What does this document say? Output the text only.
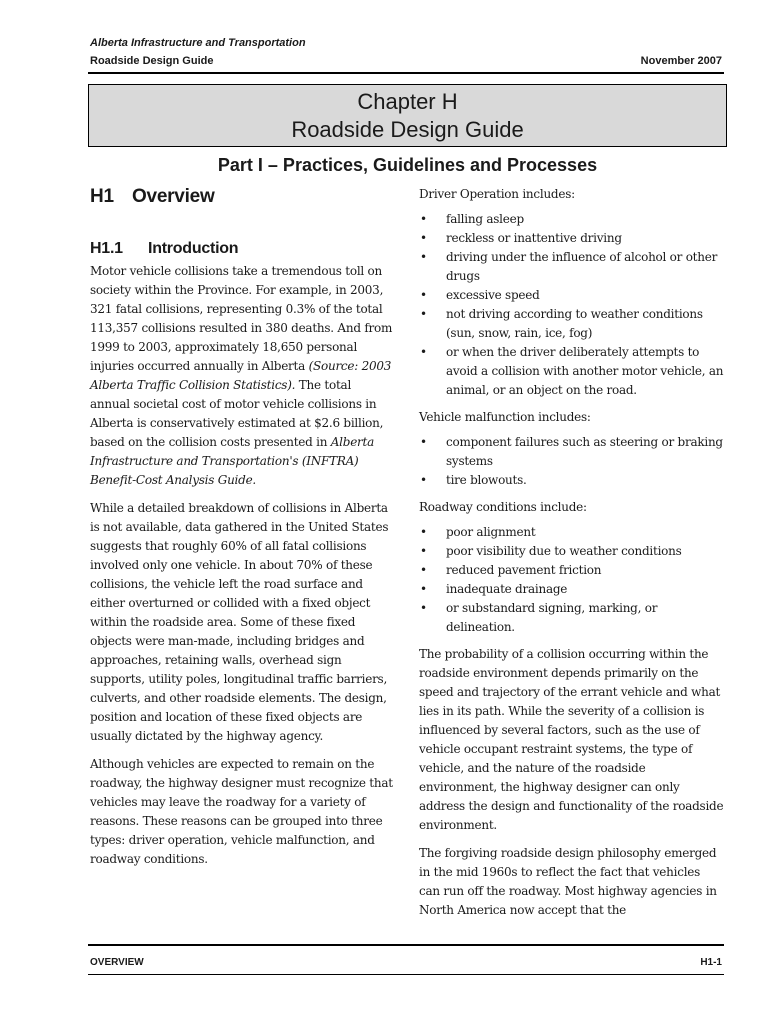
Alberta Infrastructure and Transportation
Roadside Design Guide	November 2007
Chapter H
Roadside Design Guide
Part I – Practices, Guidelines and Processes
H1 Overview
H1.1 Introduction

Motor vehicle collisions take a tremendous toll on society within the Province. For example, in 2003, 321 fatal collisions, representing 0.3% of the total 113,357 collisions resulted in 380 deaths. And from 1999 to 2003, approximately 18,650 personal injuries occurred annually in Alberta (Source: 2003 Alberta Traffic Collision Statistics). The total annual societal cost of motor vehicle collisions in Alberta is conservatively estimated at $2.6 billion, based on the collision costs presented in Alberta Infrastructure and Transportation's (INFTRA) Benefit-Cost Analysis Guide.

While a detailed breakdown of collisions in Alberta is not available, data gathered in the United States suggests that roughly 60% of all fatal collisions involved only one vehicle. In about 70% of these collisions, the vehicle left the road surface and either overturned or collided with a fixed object within the roadside area. Some of these fixed objects were man-made, including bridges and approaches, retaining walls, overhead sign supports, utility poles, longitudinal traffic barriers, culverts, and other roadside elements. The design, position and location of these fixed objects are usually dictated by the highway agency.

Although vehicles are expected to remain on the roadway, the highway designer must recognize that vehicles may leave the roadway for a variety of reasons. These reasons can be grouped into three types: driver operation, vehicle malfunction, and roadway conditions.

Driver Operation includes:

• falling asleep
• reckless or inattentive driving
• driving under the influence of alcohol or other drugs
• excessive speed
• not driving according to weather conditions (sun, snow, rain, ice, fog)
• or when the driver deliberately attempts to avoid a collision with another motor vehicle, an animal, or an object on the road.

Vehicle malfunction includes:

• component failures such as steering or braking systems
• tire blowouts.

Roadway conditions include:

• poor alignment
• poor visibility due to weather conditions
• reduced pavement friction
• inadequate drainage
• or substandard signing, marking, or delineation.

The probability of a collision occurring within the roadside environment depends primarily on the speed and trajectory of the errant vehicle and what lies in its path. While the severity of a collision is influenced by several factors, such as the use of vehicle occupant restraint systems, the type of vehicle, and the nature of the roadside environment, the highway designer can only address the design and functionality of the roadside environment.

The forgiving roadside design philosophy emerged in the mid 1960s to reflect the fact that vehicles can run off the roadway. Most highway agencies in North America now accept that the

OVERVIEW	H1-1
